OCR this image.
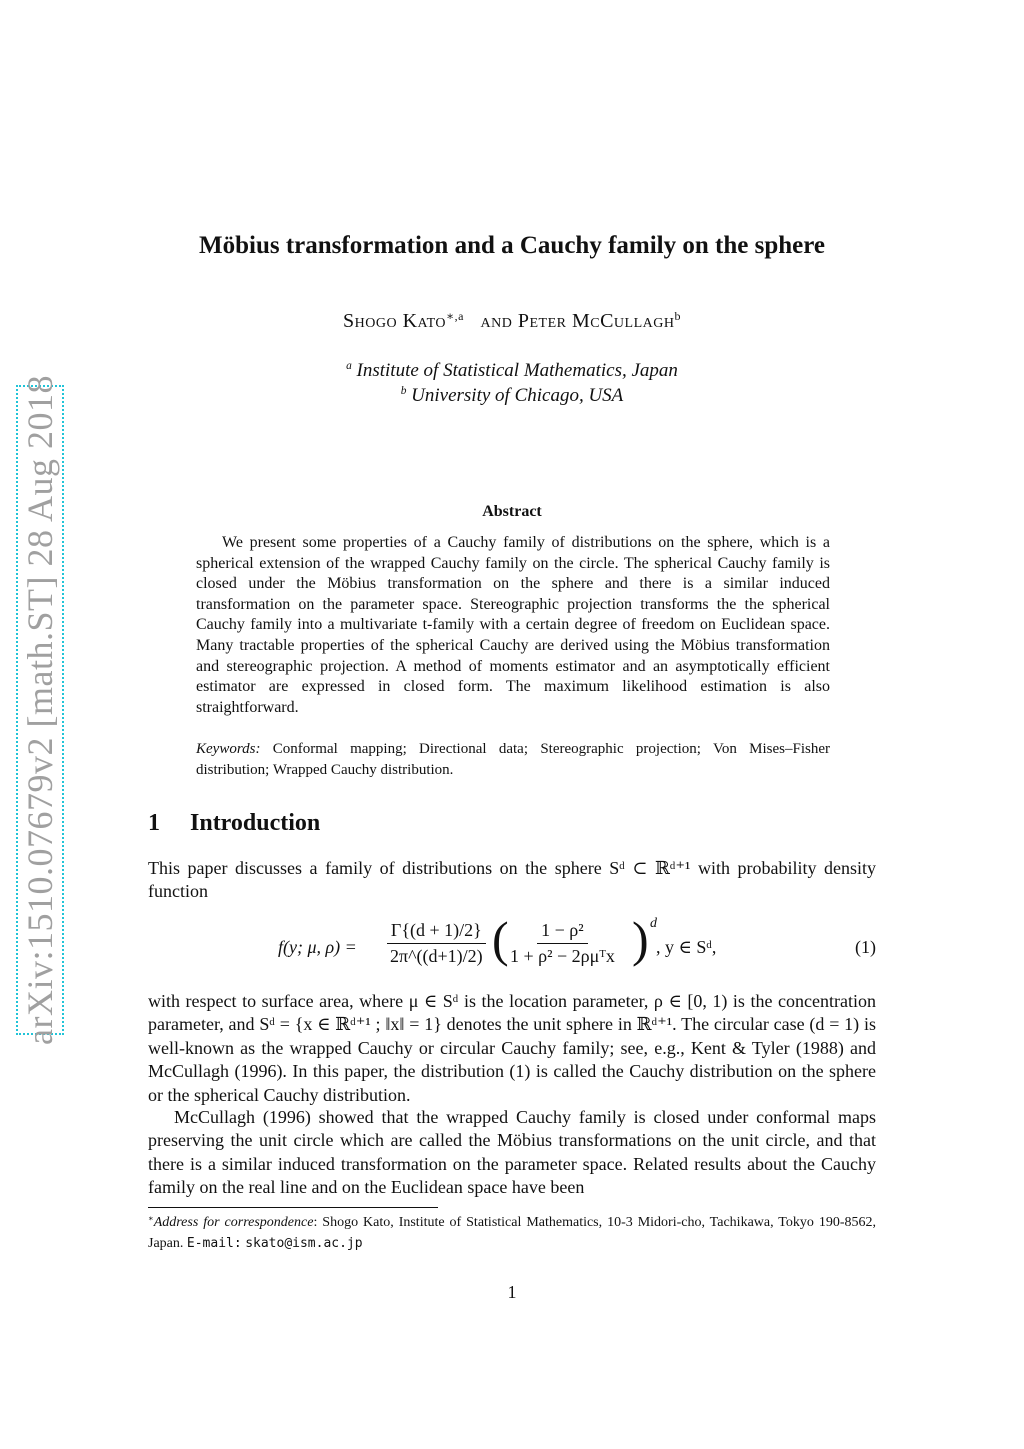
arXiv:1510.07679v2 [math.ST] 28 Aug 2018
Möbius transformation and a Cauchy family on the sphere
Shogo Kato$^{∗,a}$ and Peter McCullagh$^b$
$^a$ Institute of Statistical Mathematics, Japan
$^b$ University of Chicago, USA
Abstract
We present some properties of a Cauchy family of distributions on the sphere, which is a spherical extension of the wrapped Cauchy family on the circle. The spherical Cauchy family is closed under the Möbius transformation on the sphere and there is a similar induced transformation on the parameter space. Stereographic projection transforms the the spherical Cauchy family into a multivariate t-family with a certain degree of freedom on Euclidean space. Many tractable properties of the spherical Cauchy are derived using the Möbius transformation and stereographic projection. A method of moments estimator and an asymptotically efficient estimator are expressed in closed form. The maximum likelihood estimation is also straightforward.
Keywords: Conformal mapping; Directional data; Stereographic projection; Von Mises–Fisher distribution; Wrapped Cauchy distribution.
1 Introduction
This paper discusses a family of distributions on the sphere Sᵈ ⊂ ℝᵈ⁺¹ with probability density function
f(y; μ, $\rho) = \frac{\Gamma\{(d + 1)/2\}}{2\pi\^{}((d+1)/2)}$ ( 1 − ρ²
1 + ρ² − 2ρμᵀx ) d
, y ∈ Sᵈ,	(1)
with respect to surface area, where μ ∈ Sᵈ is the location parameter, ρ ∈ [0, 1) is the concentration parameter, and Sᵈ = {x ∈ ℝᵈ⁺¹ ; ‖x‖ = 1} denotes the unit sphere in ℝᵈ⁺¹. The circular case (d = 1) is well-known as the wrapped Cauchy or circular Cauchy family; see, e.g., Kent & Tyler (1988) and McCullagh (1996). In this paper, the distribution (1) is called the Cauchy distribution on the sphere or the spherical Cauchy distribution.
McCullagh (1996) showed that the wrapped Cauchy family is closed under conformal maps preserving the unit circle which are called the Möbius transformations on the unit circle, and that there is a similar induced transformation on the parameter space. Related results about the Cauchy family on the real line and on the Euclidean space have been
∗Address for correspondence: Shogo Kato, Institute of Statistical Mathematics, 10-3 Midori-cho, Tachikawa, Tokyo 190-8562, Japan. E-mail: skato@ism.ac.jp
1
